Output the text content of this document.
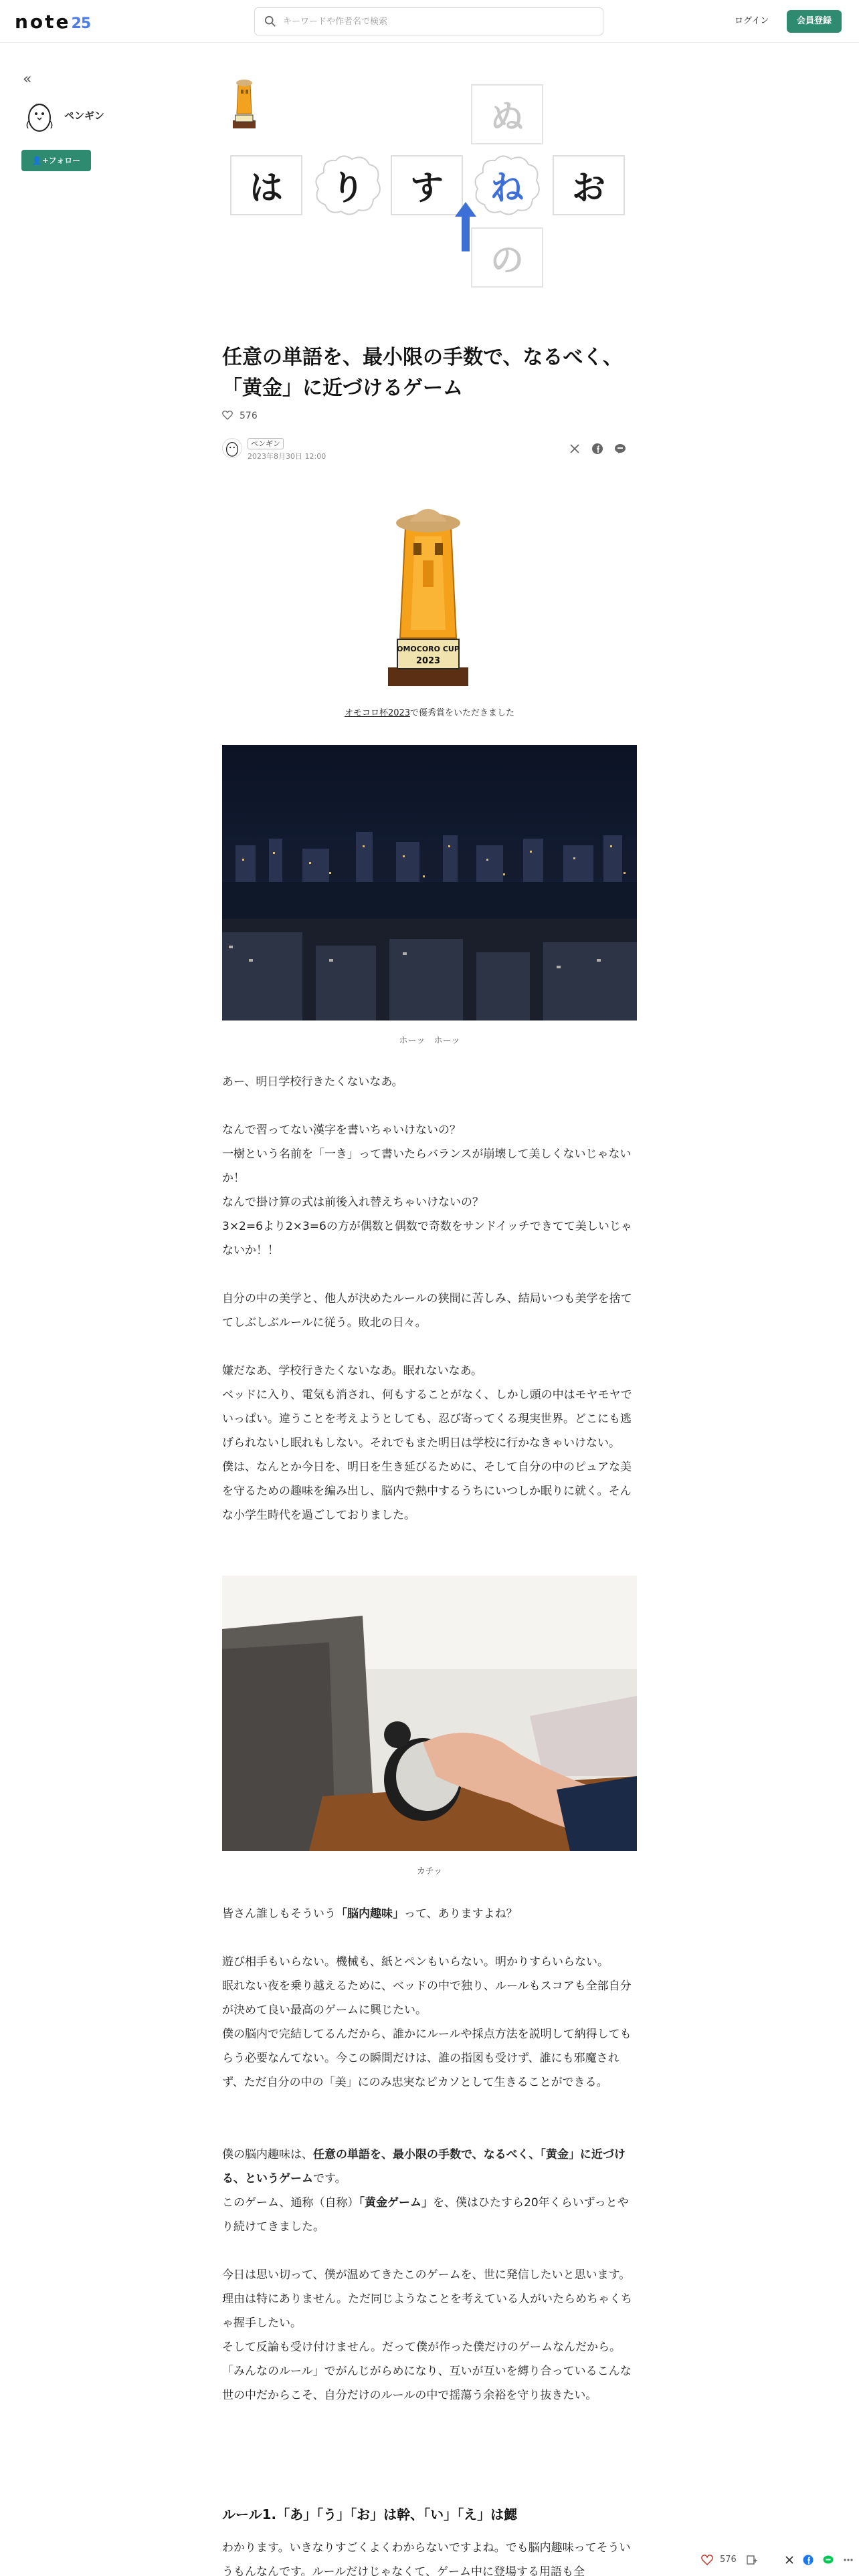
note25
キーワードや作者名で検索	ログイン	会員登録
«
ペンギン
👤+フォロー
ぬ
は	り	す	ね	お
の
任意の単語を、最小限の手数で、なるべく、
「黄金」に近づけるゲーム
576
ペンギン
2023年8月30日 12:00
OMOCORO CUP
2023
オモコロ杯2023で優秀賞をいただきました
ホーッ　ホーッ
あー、明日学校行きたくないなあ。
なんで習ってない漢字を書いちゃいけないの？
一樹という名前を「一き」って書いたらバランスが崩壊して美しくないじゃないか！
なんで掛け算の式は前後入れ替えちゃいけないの？
3×2=6より2×3=6の方が偶数と偶数で奇数をサンドイッチできてて美しいじゃないか！！
自分の中の美学と、他人が決めたルールの狭間に苦しみ、結局いつも美学を捨ててしぶしぶルールに従う。敗北の日々。
嫌だなあ、学校行きたくないなあ。眠れないなあ。
ベッドに入り、電気も消され、何もすることがなく、しかし頭の中はモヤモヤでいっぱい。違うことを考えようとしても、忍び寄ってくる現実世界。どこにも逃げられないし眠れもしない。それでもまた明日は学校に行かなきゃいけない。
僕は、なんとか今日を、明日を生き延びるために、そして自分の中のピュアな美を守るための趣味を編み出し、脳内で熱中するうちにいつしか眠りに就く。そんな小学生時代を過ごしておりました。
カチッ
皆さん誰しもそういう「脳内趣味」って、ありますよね？
遊び相手もいらない。機械も、紙とペンもいらない。明かりすらいらない。
眠れない夜を乗り越えるために、ベッドの中で独り、ルールもスコアも全部自分が決めて良い最高のゲームに興じたい。
僕の脳内で完結してるんだから、誰かにルールや採点方法を説明して納得してもらう必要なんてない。今この瞬間だけは、誰の指図も受けず、誰にも邪魔されず、ただ自分の中の「美」にのみ忠実なピカソとして生きることができる。
僕の脳内趣味は、任意の単語を、最小限の手数で、なるべく、「黄金」に近づける、というゲームです。
このゲーム、通称（自称）「黄金ゲーム」を、僕はひたすら20年くらいずっとやり続けてきました。
今日は思い切って、僕が温めてきたこのゲームを、世に発信したいと思います。
理由は特にありません。ただ同じようなことを考えている人がいたらめちゃくちゃ握手したい。
そして反論も受け付けません。だって僕が作った僕だけのゲームなんだから。
「みんなのルール」でがんじがらめになり、互いが互いを縛り合っているこんな世の中だからこそ、自分だけのルールの中で揺蕩う余裕を守り抜きたい。
ルール1.「あ」「う」「お」は幹、「い」「え」は鰓
わかります。いきなりすごくよくわからないですよね。でも脳内趣味ってそういうもんなんです。ルールだけじゃなくて、ゲーム中に登場する用語も全
576
